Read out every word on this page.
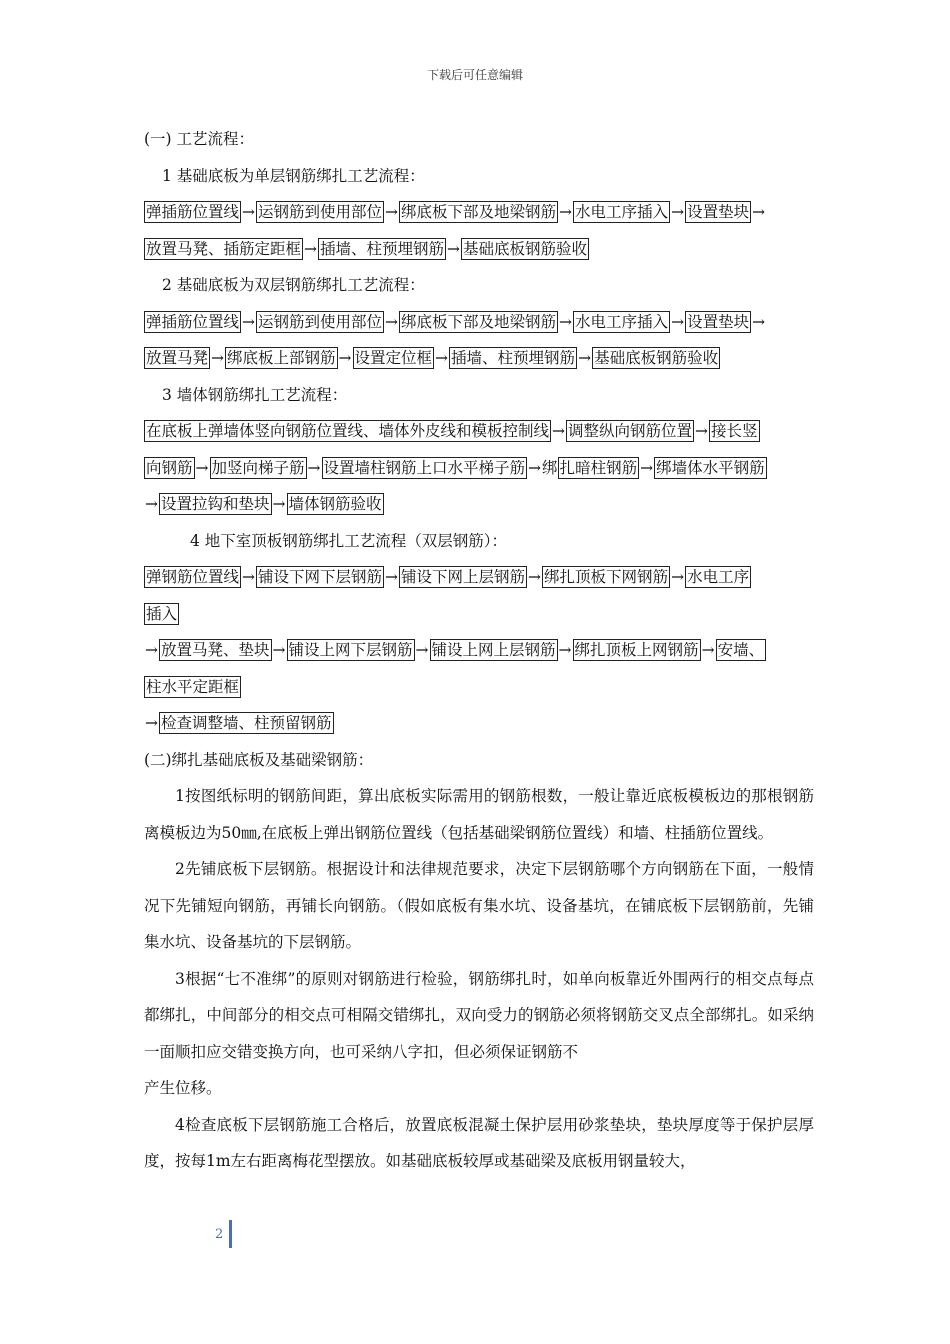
下载后可任意编辑
(一) 工艺流程：
1 基础底板为单层钢筋绑扎工艺流程：
弹插筋位置线 → 运钢筋到使用部位 → 绑底板下部及地梁钢筋 → 水电工序插入 → 设置垫块 →
放置马凳、插筋定距框 → 插墙、柱预埋钢筋 → 基础底板钢筋验收
2 基础底板为双层钢筋绑扎工艺流程：
弹插筋位置线 → 运钢筋到使用部位 → 绑底板下部及地梁钢筋 → 水电工序插入 → 设置垫块 →
放置马凳 → 绑底板上部钢筋 → 设置定位框 → 插墙、柱预埋钢筋 → 基础底板钢筋验收
3 墙体钢筋绑扎工艺流程：
在底板上弹墙体竖向钢筋位置线、墙体外皮线和模板控制线 → 调整纵向钢筋位置 → 接长竖
向钢筋 → 加竖向梯子筋 → 设置墙柱钢筋上口水平梯子筋 →绑 扎暗柱钢筋 → 绑墙体水平钢筋
→ 设置拉钩和垫块 → 墙体钢筋验收
4 地下室顶板钢筋绑扎工艺流程（双层钢筋）：
弹钢筋位置线 → 铺设下网下层钢筋 → 铺设下网上层钢筋 → 绑扎顶板下网钢筋 → 水电工序
插入
→ 放置马凳、垫块 → 铺设上网下层钢筋 → 铺设上网上层钢筋 → 绑扎顶板上网钢筋 → 安墙、
柱水平定距框
→ 检查调整墙、柱预留钢筋
(二)绑扎基础底板及基础梁钢筋：

1按图纸标明的钢筋间距，算出底板实际需用的钢筋根数，一般让靠近底板模板边的那根钢筋离模板边为50㎜,在底板上弹出钢筋位置线（包括基础梁钢筋位置线）和墙、柱插筋位置线。

2先铺底板下层钢筋。根据设计和法律规范要求，决定下层钢筋哪个方向钢筋在下面，一般情况下先铺短向钢筋，再铺长向钢筋。（假如底板有集水坑、设备基坑，在铺底板下层钢筋前，先铺集水坑、设备基坑的下层钢筋。

3根据“七不准绑”的原则对钢筋进行检验，钢筋绑扎时，如单向板靠近外围两行的相交点每点都绑扎，中间部分的相交点可相隔交错绑扎，双向受力的钢筋必须将钢筋交叉点全部绑扎。如采纳一面顺扣应交错变换方向，也可采纳八字扣，但必须保证钢筋不
产生位移。

4检查底板下层钢筋施工合格后，放置底板混凝土保护层用砂浆垫块，垫块厚度等于保护层厚度，按每1m左右距离梅花型摆放。如基础底板较厚或基础梁及底板用钢量较大，

2
